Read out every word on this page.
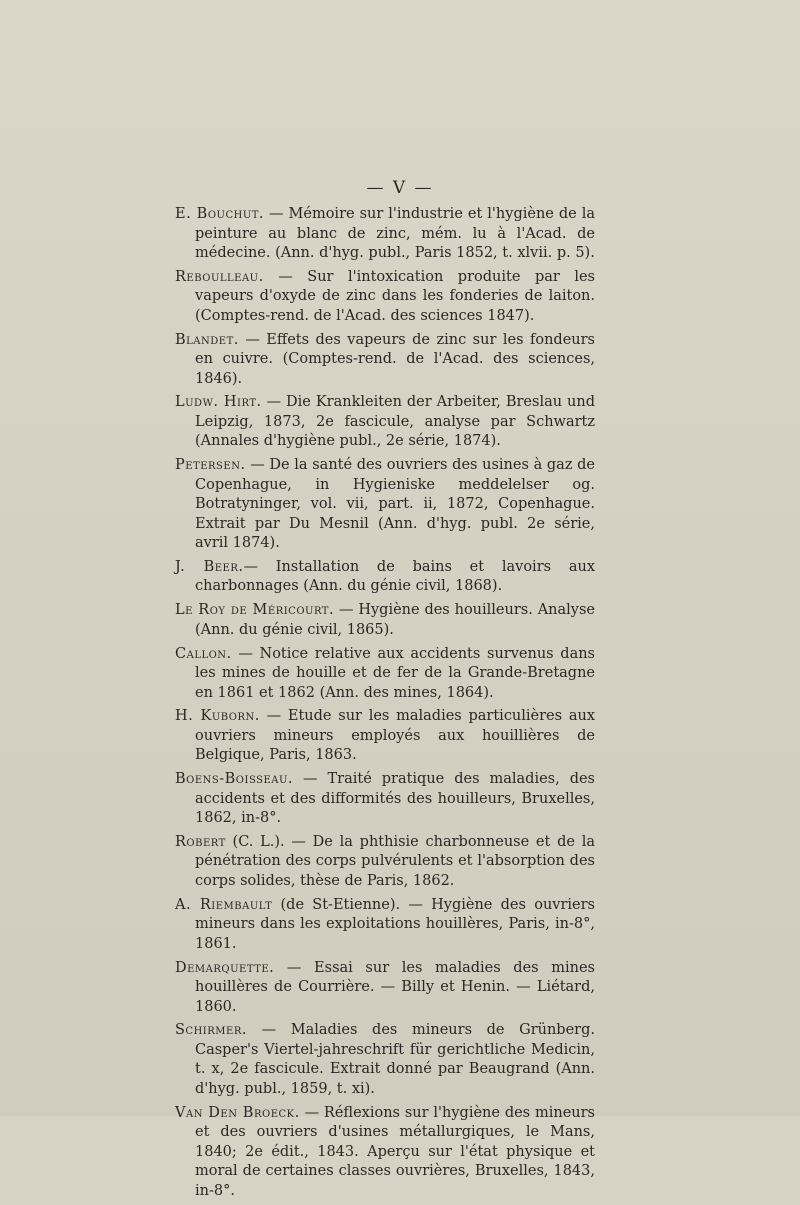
— V —
E. Bouchut. — Mémoire sur l'industrie et l'hygiène de la peinture au blanc de zinc, mém. lu à l'Acad. de médecine. (Ann. d'hyg. publ., Paris 1852, t. xlvii. p. 5).
Reboulleau. — Sur l'intoxication produite par les vapeurs d'oxyde de zinc dans les fonderies de laiton. (Comptes-rend. de l'Acad. des sciences 1847).
Blandet. — Effets des vapeurs de zinc sur les fondeurs en cuivre. (Comptes-rend. de l'Acad. des sciences, 1846).
Ludw. Hirt. — Die Krankleiten der Arbeiter, Breslau und Leipzig, 1873, 2e fascicule, analyse par Schwartz (Annales d'hygiène publ., 2e série, 1874).
Petersen. — De la santé des ouvriers des usines à gaz de Copenhague, in Hygieniske meddelelser og. Botratyninger, vol. vii, part. ii, 1872, Copenhague. Extrait par Du Mesnil (Ann. d'hyg. publ. 2e série, avril 1874).
J. Beer.— Installation de bains et lavoirs aux charbonnages (Ann. du génie civil, 1868).
Le Roy de Méricourt. — Hygiène des houilleurs. Analyse (Ann. du génie civil, 1865).
Callon. — Notice relative aux accidents survenus dans les mines de houille et de fer de la Grande-Bretagne en 1861 et 1862 (Ann. des mines, 1864).
H. Kuborn. — Etude sur les maladies particulières aux ouvriers mineurs employés aux houillières de Belgique, Paris, 1863.
Boens-Boisseau. — Traité pratique des maladies, des accidents et des difformités des houilleurs, Bruxelles, 1862, in-8°.
Robert (C. L.). — De la phthisie charbonneuse et de la pénétration des corps pulvérulents et l'absorption des corps solides, thèse de Paris, 1862.
A. Riembault (de St-Etienne). — Hygiène des ouvriers mineurs dans les exploitations houillères, Paris, in-8°, 1861.
Demarquette. — Essai sur les maladies des mines houillères de Courrière. — Billy et Henin. — Liétard, 1860.
Schirmer. — Maladies des mineurs de Grünberg. Casper's Viertel-jahreschrift für gerichtliche Medicin, t. x, 2e fascicule. Extrait donné par Beaugrand (Ann. d'hyg. publ., 1859, t. xi).
Van Den Broeck. — Réflexions sur l'hygiène des mineurs et des ouvriers d'usines métallurgiques, le Mans, 1840; 2e édit., 1843. Aperçu sur l'état physique et moral de certaines classes ouvrières, Bruxelles, 1843, in-8°.
